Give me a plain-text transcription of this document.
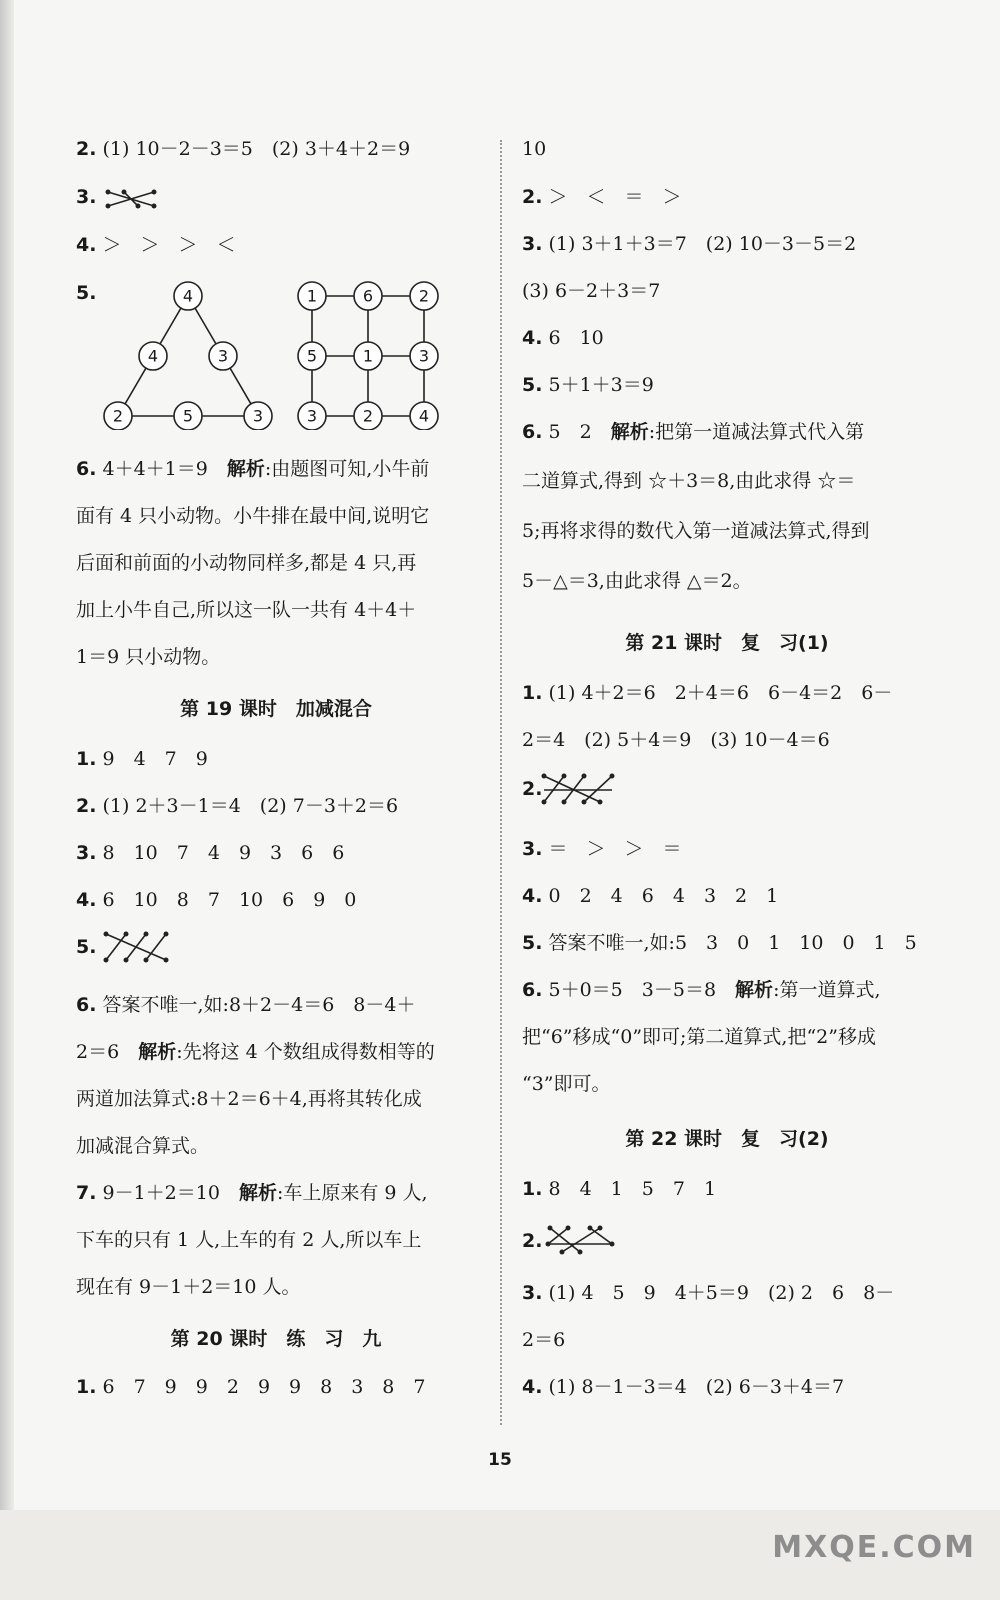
2. (1) 10－2－3＝5　(2) 3＋4＋2＝9
3.
4. ＞　＞　＞　＜
5.	4
4	3
2	5	3
1	6	2
5	1	3
3	2	4
6. 4＋4＋1＝9　 解析:由题图可知,小牛前
面有 4 只小动物。小牛排在最中间,说明它
后面和前面的小动物同样多,都是 4 只,再
加上小牛自己,所以这一队一共有 4＋4＋
1＝9 只小动物。
第 19 课时　加减混合
1. 9　4　7　9
2. (1) 2＋3－1＝4　(2) 7－3＋2＝6
3. 8　10　7　4　9　3　6　6
4. 6　10　8　7　10　6　9　0
5.
6. 答案不唯一,如:8＋2－4＝6　8－4＋
2＝6　 解析:先将这 4 个数组成得数相等的
两道加法算式:8＋2＝6＋4,再将其转化成
加减混合算式。
7. 9－1＋2＝10　 解析:车上原来有 9 人,
下车的只有 1 人,上车的有 2 人,所以车上
现在有 9－1＋2＝10 人。
第 20 课时　练　习　九
1. 6　7　9　9　2　9　9　8　3　8　7
10
2. ＞　＜　＝　＞
3. (1) 3＋1＋3＝7　(2) 10－3－5＝2
(3) 6－2＋3＝7
4. 6　10
5. 5＋1＋3＝9
6. 5　2　 解析:把第一道减法算式代入第
二道算式,得到 ☆＋3＝8,由此求得 ☆＝
5;再将求得的数代入第一道减法算式,得到
5－△＝3,由此求得 △＝2。
第 21 课时　复　习(1)
1. (1) 4＋2＝6　2＋4＝6　6－4＝2　6－
2＝4　(2) 5＋4＝9　(3) 10－4＝6
2.
3. ＝　＞　＞　＝
4. 0　2　4　6　4　3　2　1
5. 答案不唯一,如:5　3　0　1　10　0　1　5
6. 5＋0＝5　3－5＝8　 解析:第一道算式,
把“6”移成“0”即可;第二道算式,把“2”移成
“3”即可。
第 22 课时　复　习(2)
1. 8　4　1　5　7　1
2.
3. (1) 4　5　9　4＋5＝9　(2) 2　6　8－
2＝6
4. (1) 8－1－3＝4　(2) 6－3＋4＝7
15
MXQE.COM
